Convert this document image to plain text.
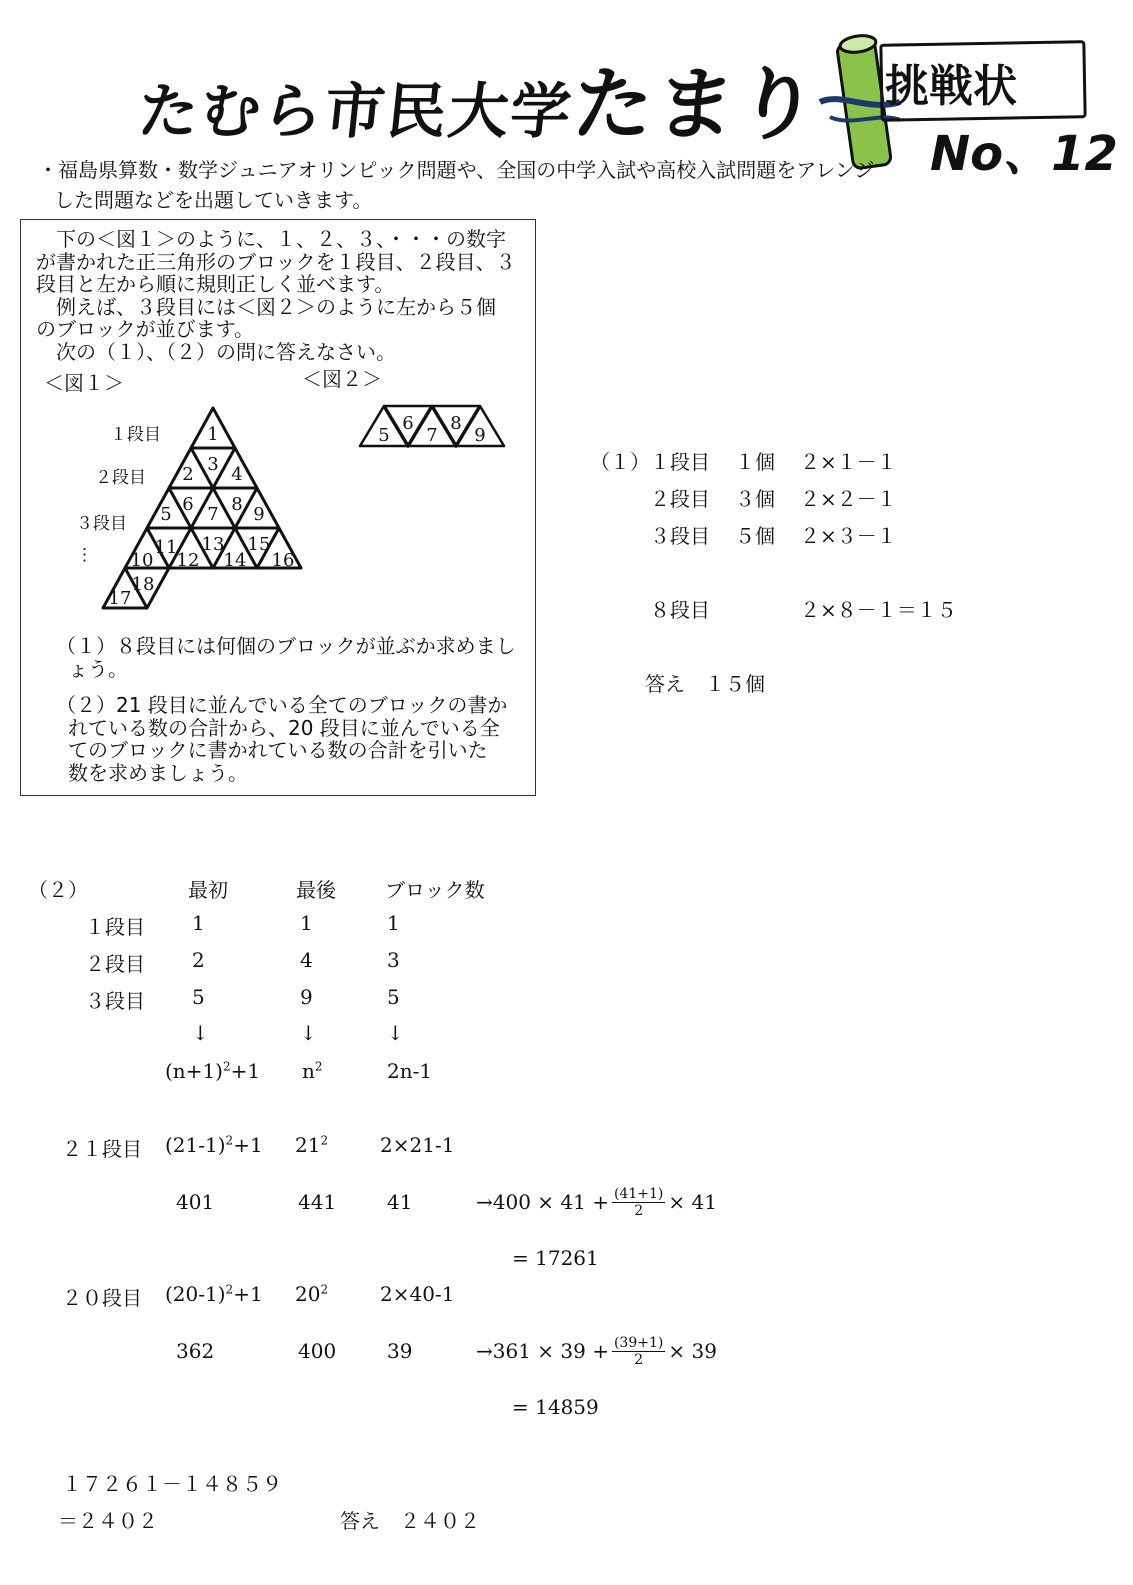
たむら市民大学たまり 挑戦状
No、12
・福島県算数・数学ジュニアオリンピック問題や、全国の中学入試や高校入試問題をアレンジ
した問題などを出題していきます。
　下の＜図１＞のように、１、２、３、・・・の数字
が書かれた正三角形のブロックを１段目、２段目、３
段目と左から順に規則正しく並べます。
　例えば、３段目には＜図２＞のように左から５個
のブロックが並びます。
　次の（１）、（２）の問に答えなさい。
＜図１＞	＜図２＞
１段目
２段目
３段目
⋮
1
2 3 4
5 6 7 8 9
10
11
12
13
14
15
16
17
18
5
6
7
8
9
（１）８段目には何個のブロックが並ぶか求めまし
ょう。
（２）21 段目に並んでいる全てのブロックの書か
れている数の合計から、20 段目に並んでいる全
てのブロックに書かれている数の合計を引いた
数を求めましょう。
（１） １段目 １個 ２×１－１
２段目 ３個 ２×２－１
３段目 ５個 ２×３－１
８段目	２×８－１＝１５
答え　１５個
（２）	最初	最後 ブロック数
１段目 1	1	1
２段目 2	4	3
３段目 5	9	5
↓	↓	↓
$(n+1)^2+1$ $n^2$	2n-1
２１段目 $(21-1)^2+1$ $21^2$	2×21-1
401	441	41	$\to 400 \times 41 + \frac{(41+1)}{2} \times 41$
= 17261
２０段目 $(20-1)^2+1$ $20^2$	2×40-1
362	400	39	$\to 361 \times 39 + \frac{(39+1)}{2} \times 39$
= 14859
１７２６１－１４８５９
＝２４０２	答え　２４０２
